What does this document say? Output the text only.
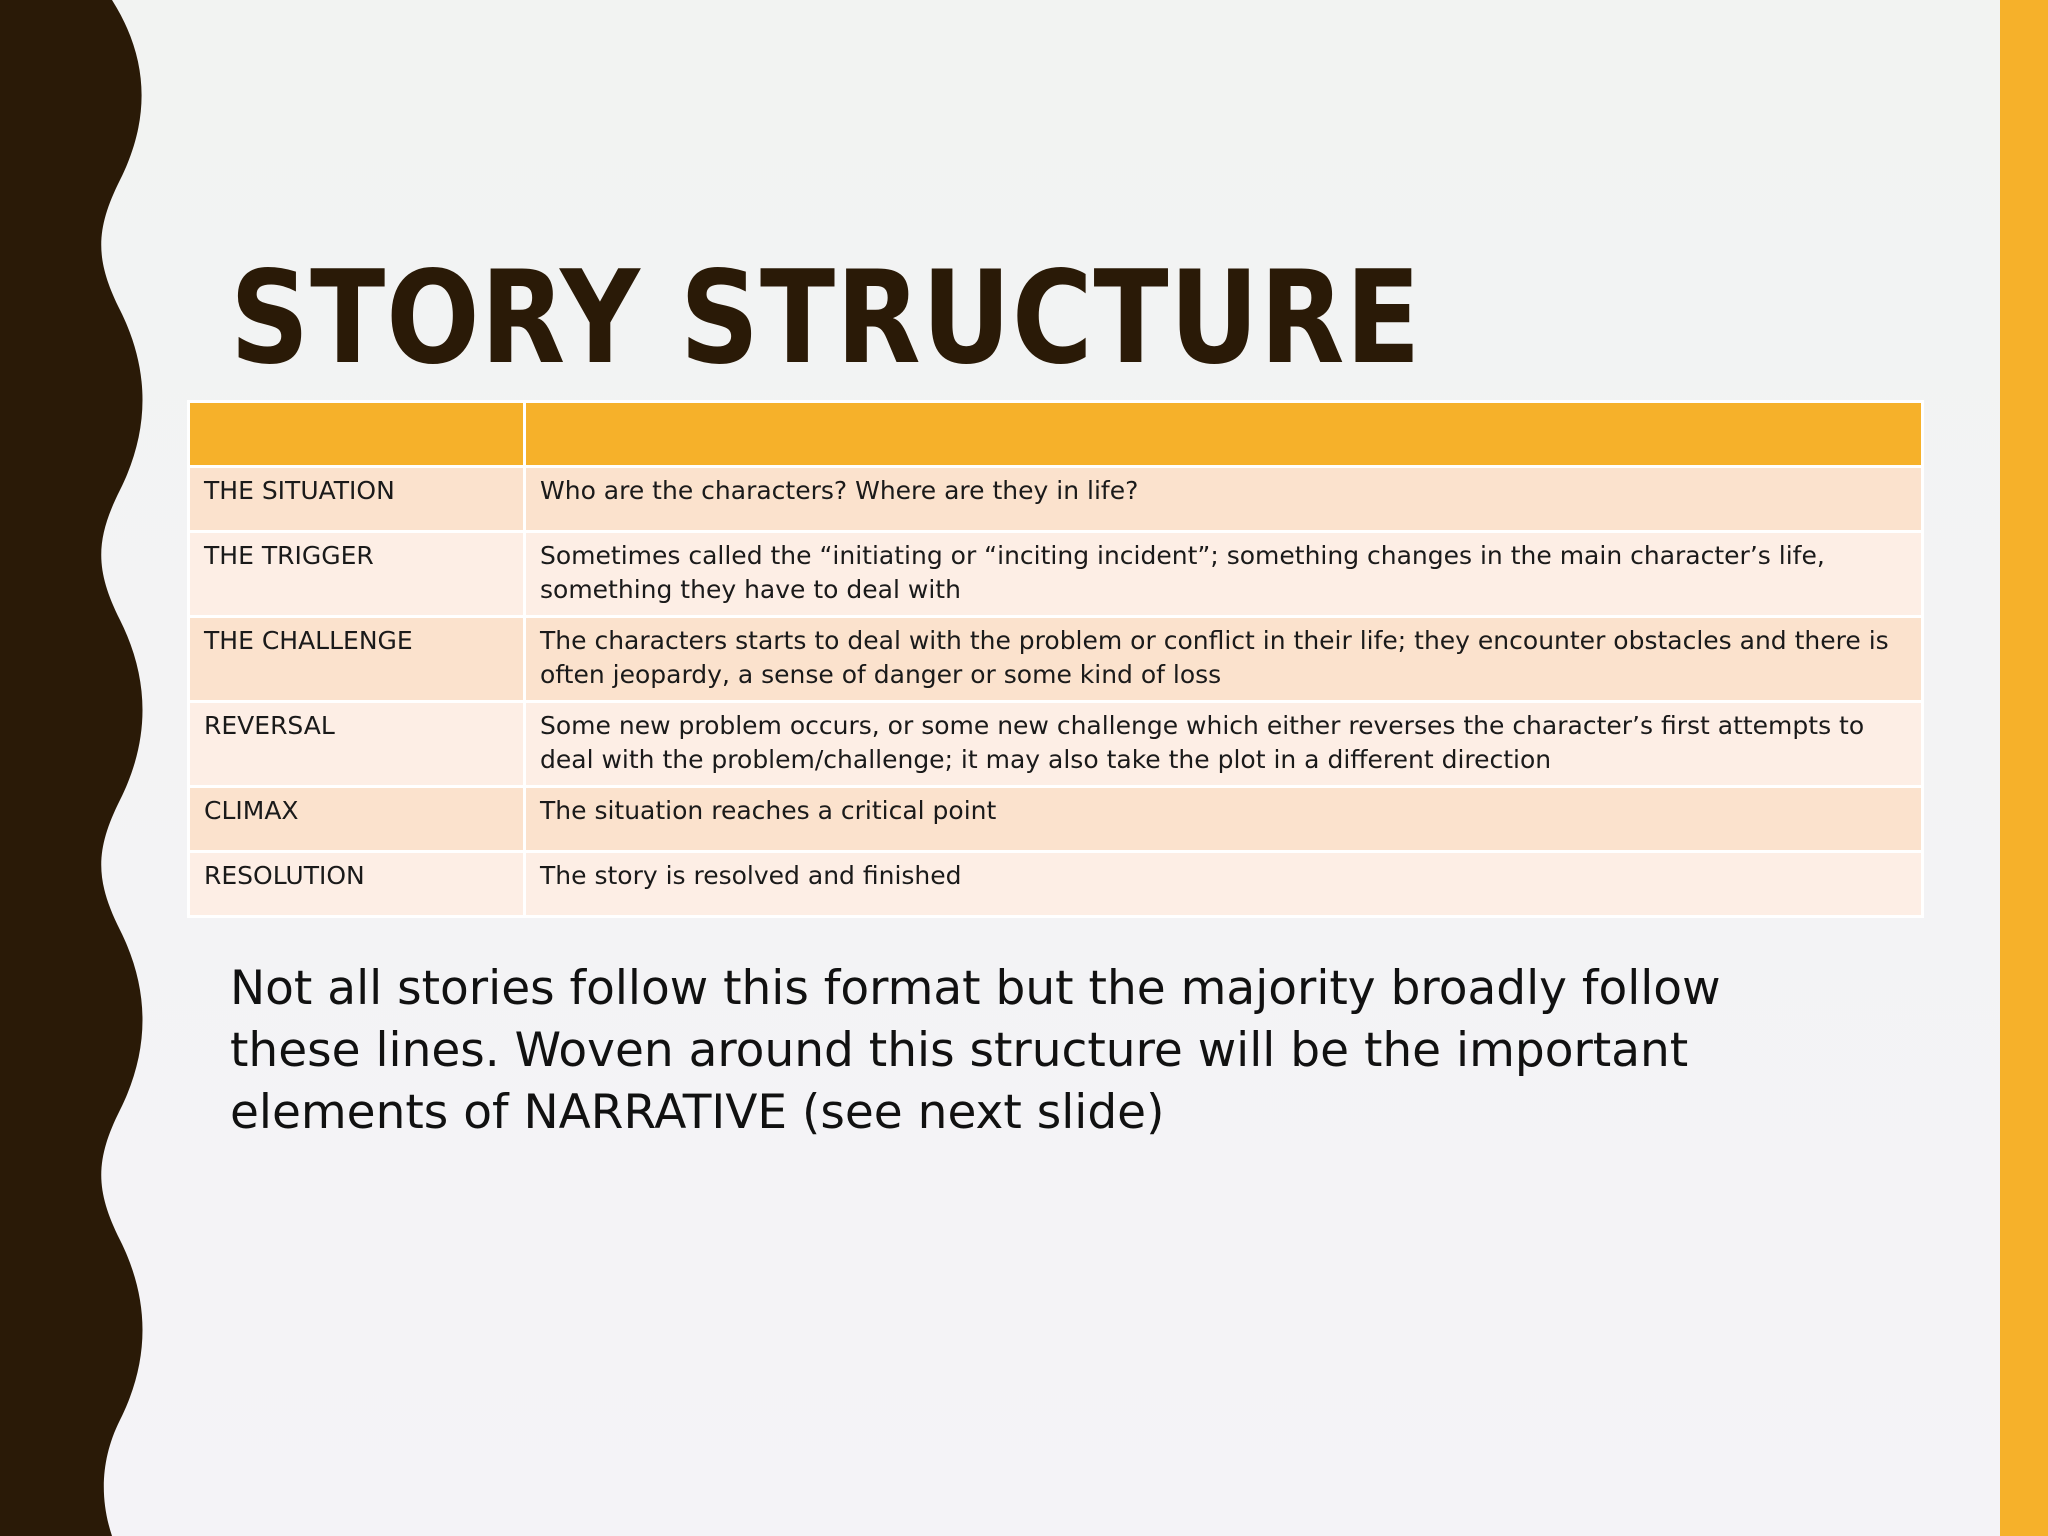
STORY STRUCTURE

THE SITUATION	Who are the characters? Where are they in life?
THE TRIGGER	Sometimes called the “initiating or “inciting incident”; something changes in the main character’s life, something they have to deal with
THE CHALLENGE	The characters starts to deal with the problem or conflict in their life; they encounter obstacles and there is often jeopardy, a sense of danger or some kind of loss
REVERSAL	Some new problem occurs, or some new challenge which either reverses the character’s first attempts to deal with the problem/challenge; it may also take the plot in a different direction
CLIMAX	The situation reaches a critical point
RESOLUTION	The story is resolved and finished

Not all stories follow this format but the majority broadly follow these lines. Woven around this structure will be the important elements of NARRATIVE (see next slide)
